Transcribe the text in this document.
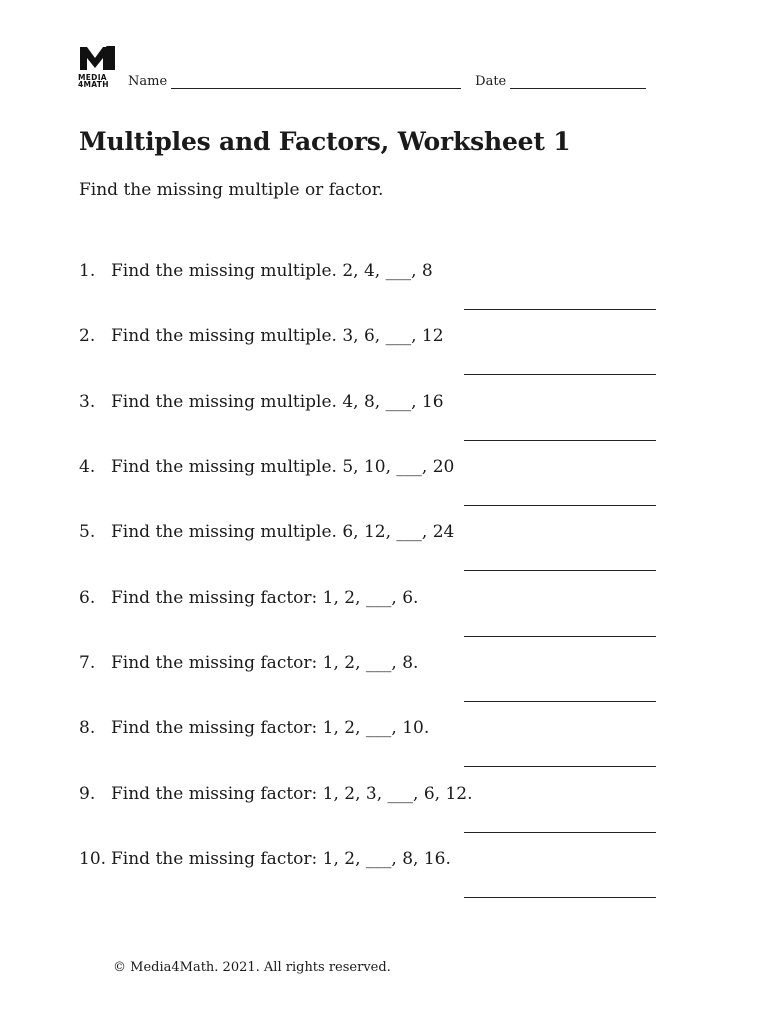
MEDIA
4MATH	Name	Date
Multiples and Factors, Worksheet 1

Find the missing multiple or factor.

1. Find the missing multiple. 2, 4, ___, 8
2. Find the missing multiple. 3, 6, ___, 12
3. Find the missing multiple. 4, 8, ___, 16
4. Find the missing multiple. 5, 10, ___, 20
5. Find the missing multiple. 6, 12, ___, 24
6. Find the missing factor: 1, 2, ___, 6.
7. Find the missing factor: 1, 2, ___, 8.
8. Find the missing factor: 1, 2, ___, 10.
9. Find the missing factor: 1, 2, 3, ___, 6, 12.
10. Find the missing factor: 1, 2, ___, 8, 16.
© Media4Math. 2021. All rights reserved.
